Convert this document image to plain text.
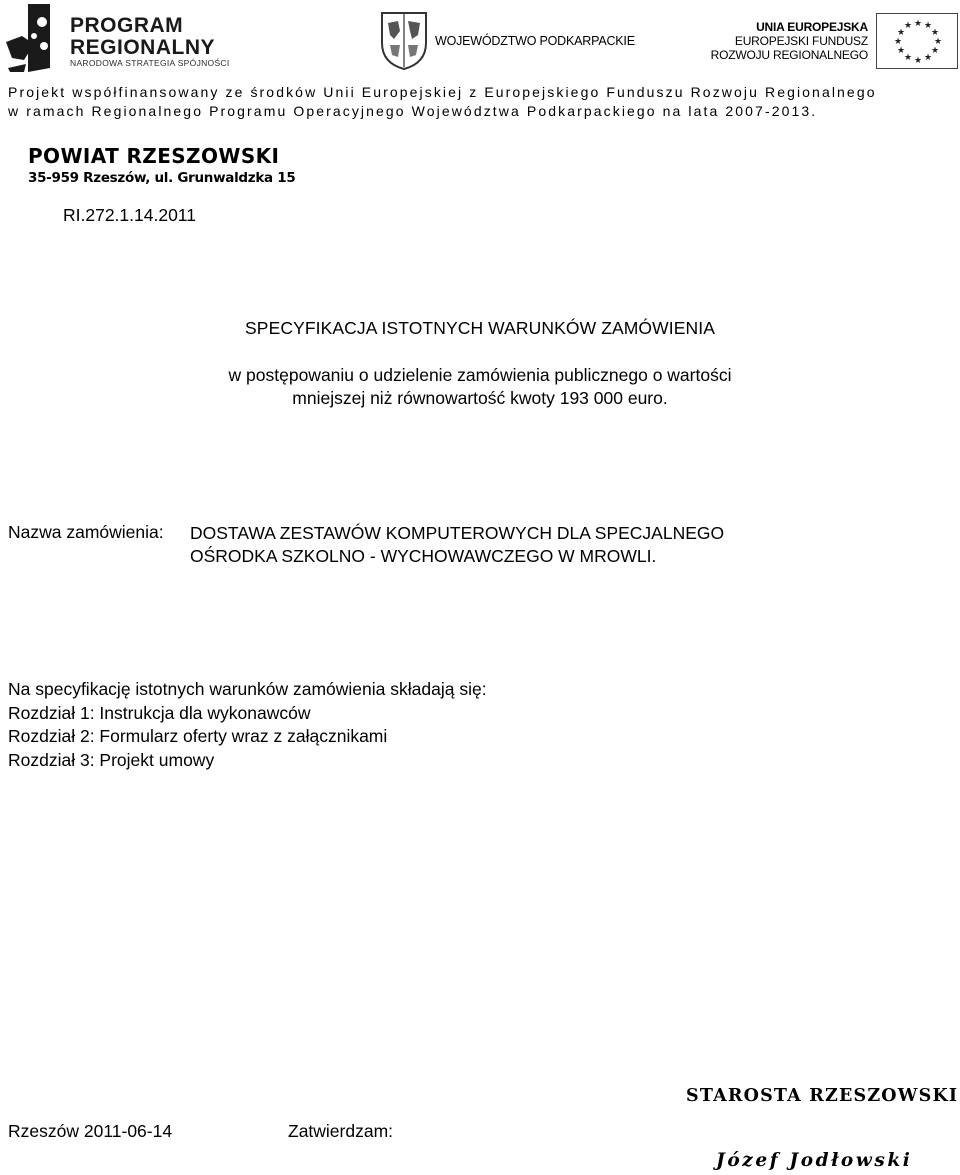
PROGRAM
REGIONALNY
NARODOWA STRATEGIA SPÓJNOŚCI
WOJEWÓDZTWO PODKARPACKIE
UNIA EUROPEJSKA
EUROPEJSKI FUNDUSZ
ROZWOJU REGIONALNEGO
★ ★
★
★
★
★
★
★
★
★
★
★
Projekt współfinansowany ze środków Unii Europejskiej z Europejskiego Funduszu Rozwoju Regionalnego
w ramach Regionalnego Programu Operacyjnego Województwa Podkarpackiego na lata 2007-2013.
POWIAT RZESZOWSKI
35-959 Rzeszów, ul. Grunwaldzka 15
RI.272.1.14.2011
SPECYFIKACJA ISTOTNYCH WARUNKÓW ZAMÓWIENIA
w postępowaniu o udzielenie zamówienia publicznego o wartości
mniejszej niż równowartość kwoty 193 000 euro.
Nazwa zamówienia: DOSTAWA ZESTAWÓW KOMPUTEROWYCH DLA SPECJALNEGO
OŚRODKA SZKOLNO - WYCHOWAWCZEGO W MROWLI.
Na specyfikację istotnych warunków zamówienia składają się:
Rozdział 1: Instrukcja dla wykonawców
Rozdział 2: Formularz oferty wraz z załącznikami
Rozdział 3: Projekt umowy
STAROSTA RZESZOWSKI
Rzeszów 2011-06-14	Zatwierdzam:
Józef Jodłowski
